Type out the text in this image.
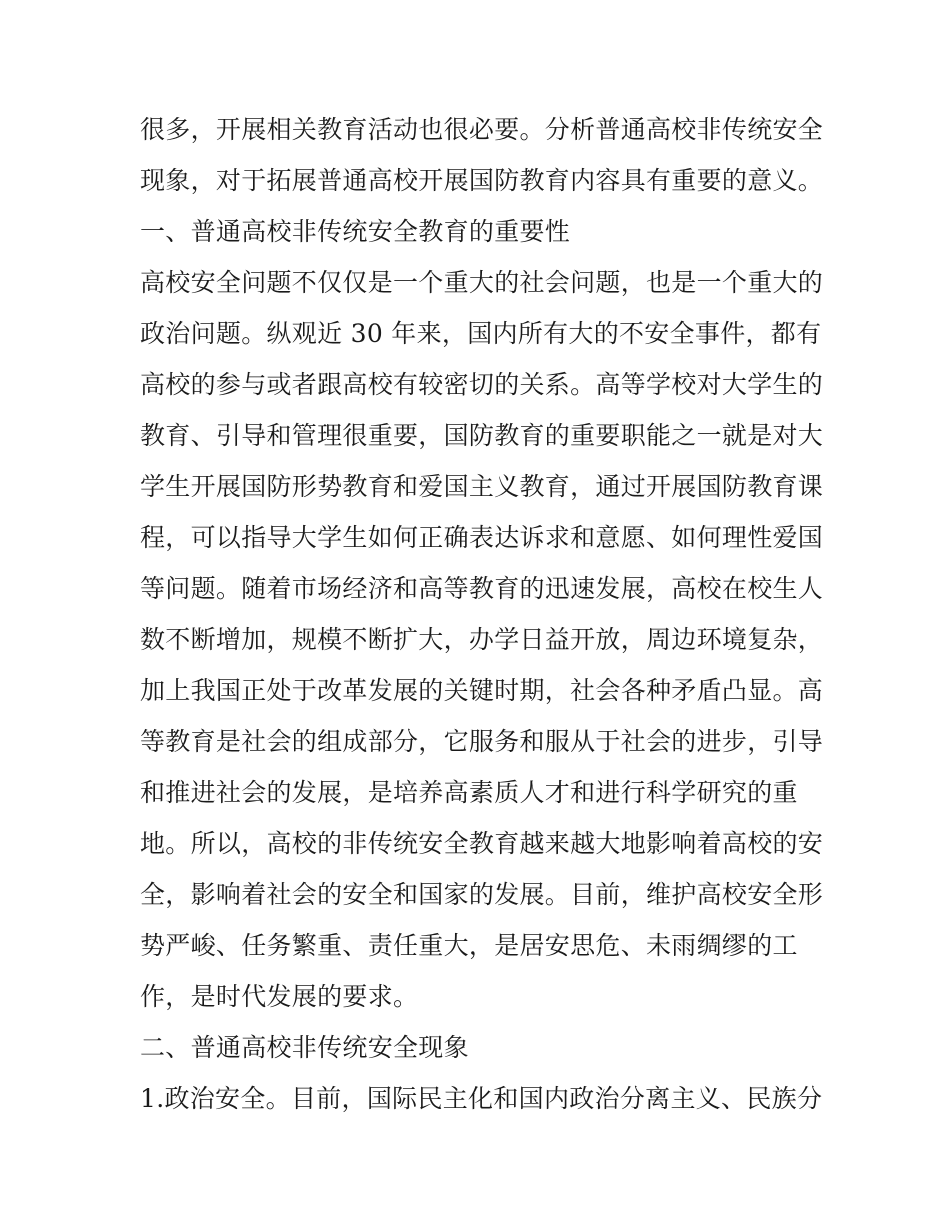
很多，开展相关教育活动也很必要。分析普通高校非传统安全
现象，对于拓展普通高校开展国防教育内容具有重要的意义。
一、普通高校非传统安全教育的重要性
高校安全问题不仅仅是一个重大的社会问题，也是一个重大的
政治问题。纵观近 30 年来，国内所有大的不安全事件，都有
高校的参与或者跟高校有较密切的关系。高等学校对大学生的
教育、引导和管理很重要，国防教育的重要职能之一就是对大
学生开展国防形势教育和爱国主义教育，通过开展国防教育课
程，可以指导大学生如何正确表达诉求和意愿、如何理性爱国
等问题。随着市场经济和高等教育的迅速发展，高校在校生人
数不断增加，规模不断扩大，办学日益开放，周边环境复杂，
加上我国正处于改革发展的关键时期，社会各种矛盾凸显。高
等教育是社会的组成部分，它服务和服从于社会的进步，引导
和推进社会的发展，是培养高素质人才和进行科学研究的重
地。所以，高校的非传统安全教育越来越大地影响着高校的安
全，影响着社会的安全和国家的发展。目前，维护高校安全形
势严峻、任务繁重、责任重大，是居安思危、未雨绸缪的工
作，是时代发展的要求。
二、普通高校非传统安全现象
1.政治安全。目前，国际民主化和国内政治分离主义、民族分
